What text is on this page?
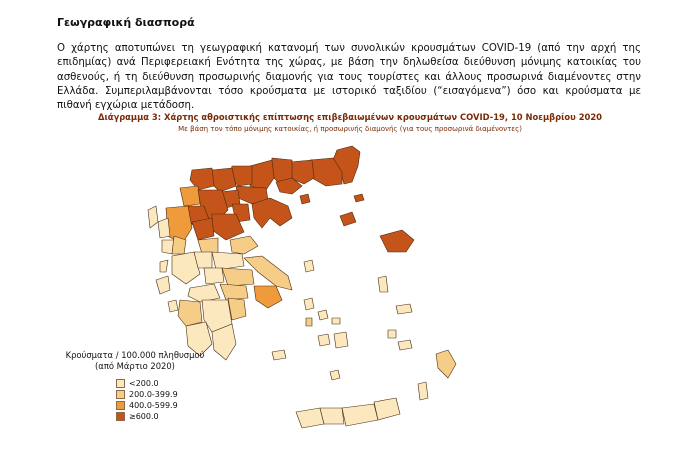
Γεωγραφική διασπορά

Ο χάρτης αποτυπώνει τη γεωγραφική κατανομή των συνολικών κρουσμάτων COVID-19 (από την αρχή της επιδημίας) ανά Περιφερειακή Ενότητα της χώρας, με βάση την δηλωθείσα διεύθυνση μόνιμης κατοικίας του ασθενούς, ή τη διεύθυνση προσωρινής διαμονής για τους τουρίστες και άλλους προσωρινά διαμένοντες στην Ελλάδα. Συμπεριλαμβάνονται τόσο κρούσματα με ιστορικό ταξιδίου (“εισαγόμενα”) όσο και κρούσματα με πιθανή εγχώρια μετάδοση.

Διάγραμμα 3: Χάρτης αθροιστικής επίπτωσης επιβεβαιωμένων κρουσμάτων COVID-19, 10 Νοεμβρίου 2020
Με βάση τον τόπο μόνιμης κατοικίας, ή προσωρινής διαμονής (για τους προσωρινά διαμένοντες)
Κρούσματα / 100.000 πληθυσμού
(από Μάρτιο 2020)
<200.0
200.0-399.9
400.0-599.9
≥600.0
